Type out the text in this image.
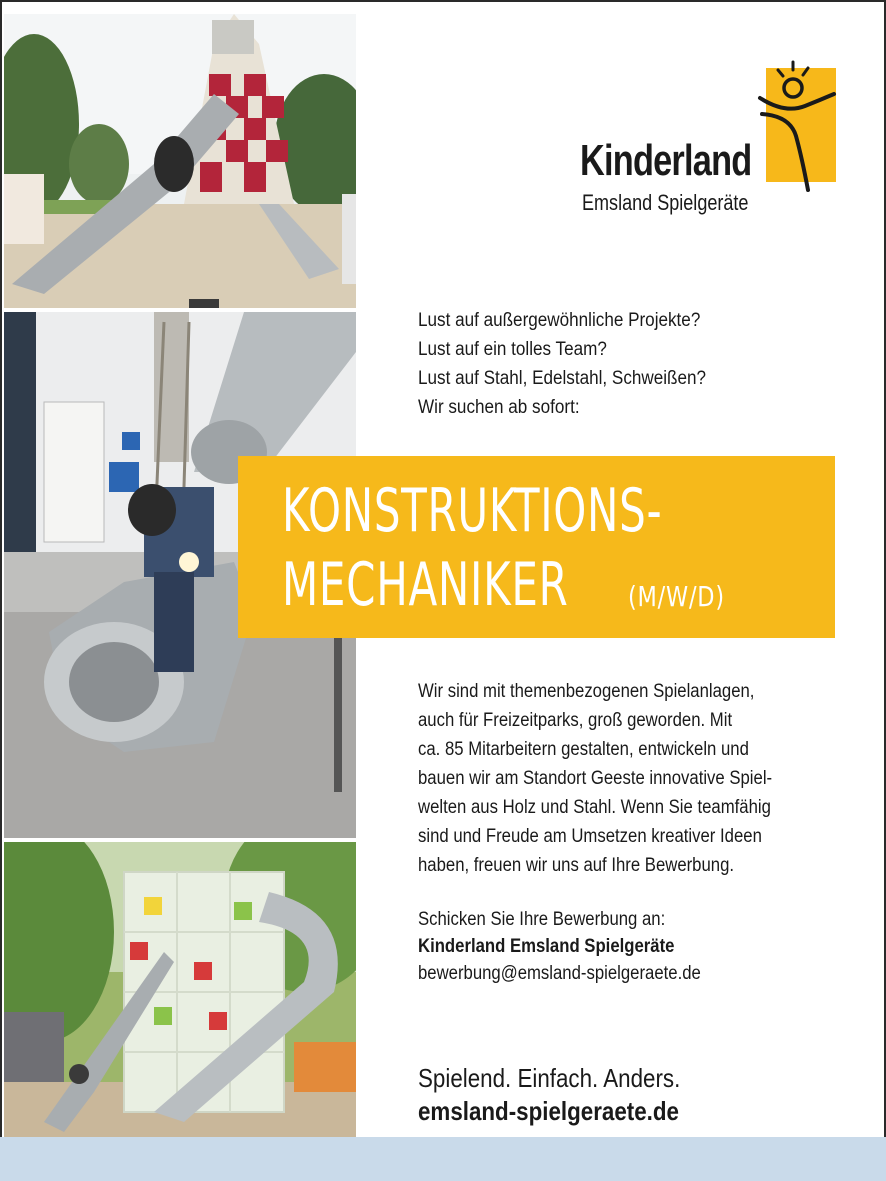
Kinderland
Emsland Spielgeräte
Lust auf außergewöhnliche Projekte?
Lust auf ein tolles Team?
Lust auf Stahl, Edelstahl, Schweißen?
Wir suchen ab sofort:
KONSTRUKTIONS-
MECHANIKER (M/W/D)
Wir sind mit themenbezogenen Spielanlagen,
auch für Freizeitparks, groß geworden. Mit
ca. 85 Mitarbeitern gestalten, entwickeln und
bauen wir am Standort Geeste innovative Spiel-
welten aus Holz und Stahl. Wenn Sie teamfähig
sind und Freude am Umsetzen kreativer Ideen
haben, freuen wir uns auf Ihre Bewerbung.
Schicken Sie Ihre Bewerbung an:
Kinderland Emsland Spielgeräte
bewerbung@emsland-spielgeraete.de
Spielend. Einfach. Anders.
emsland-spielgeraete.de
